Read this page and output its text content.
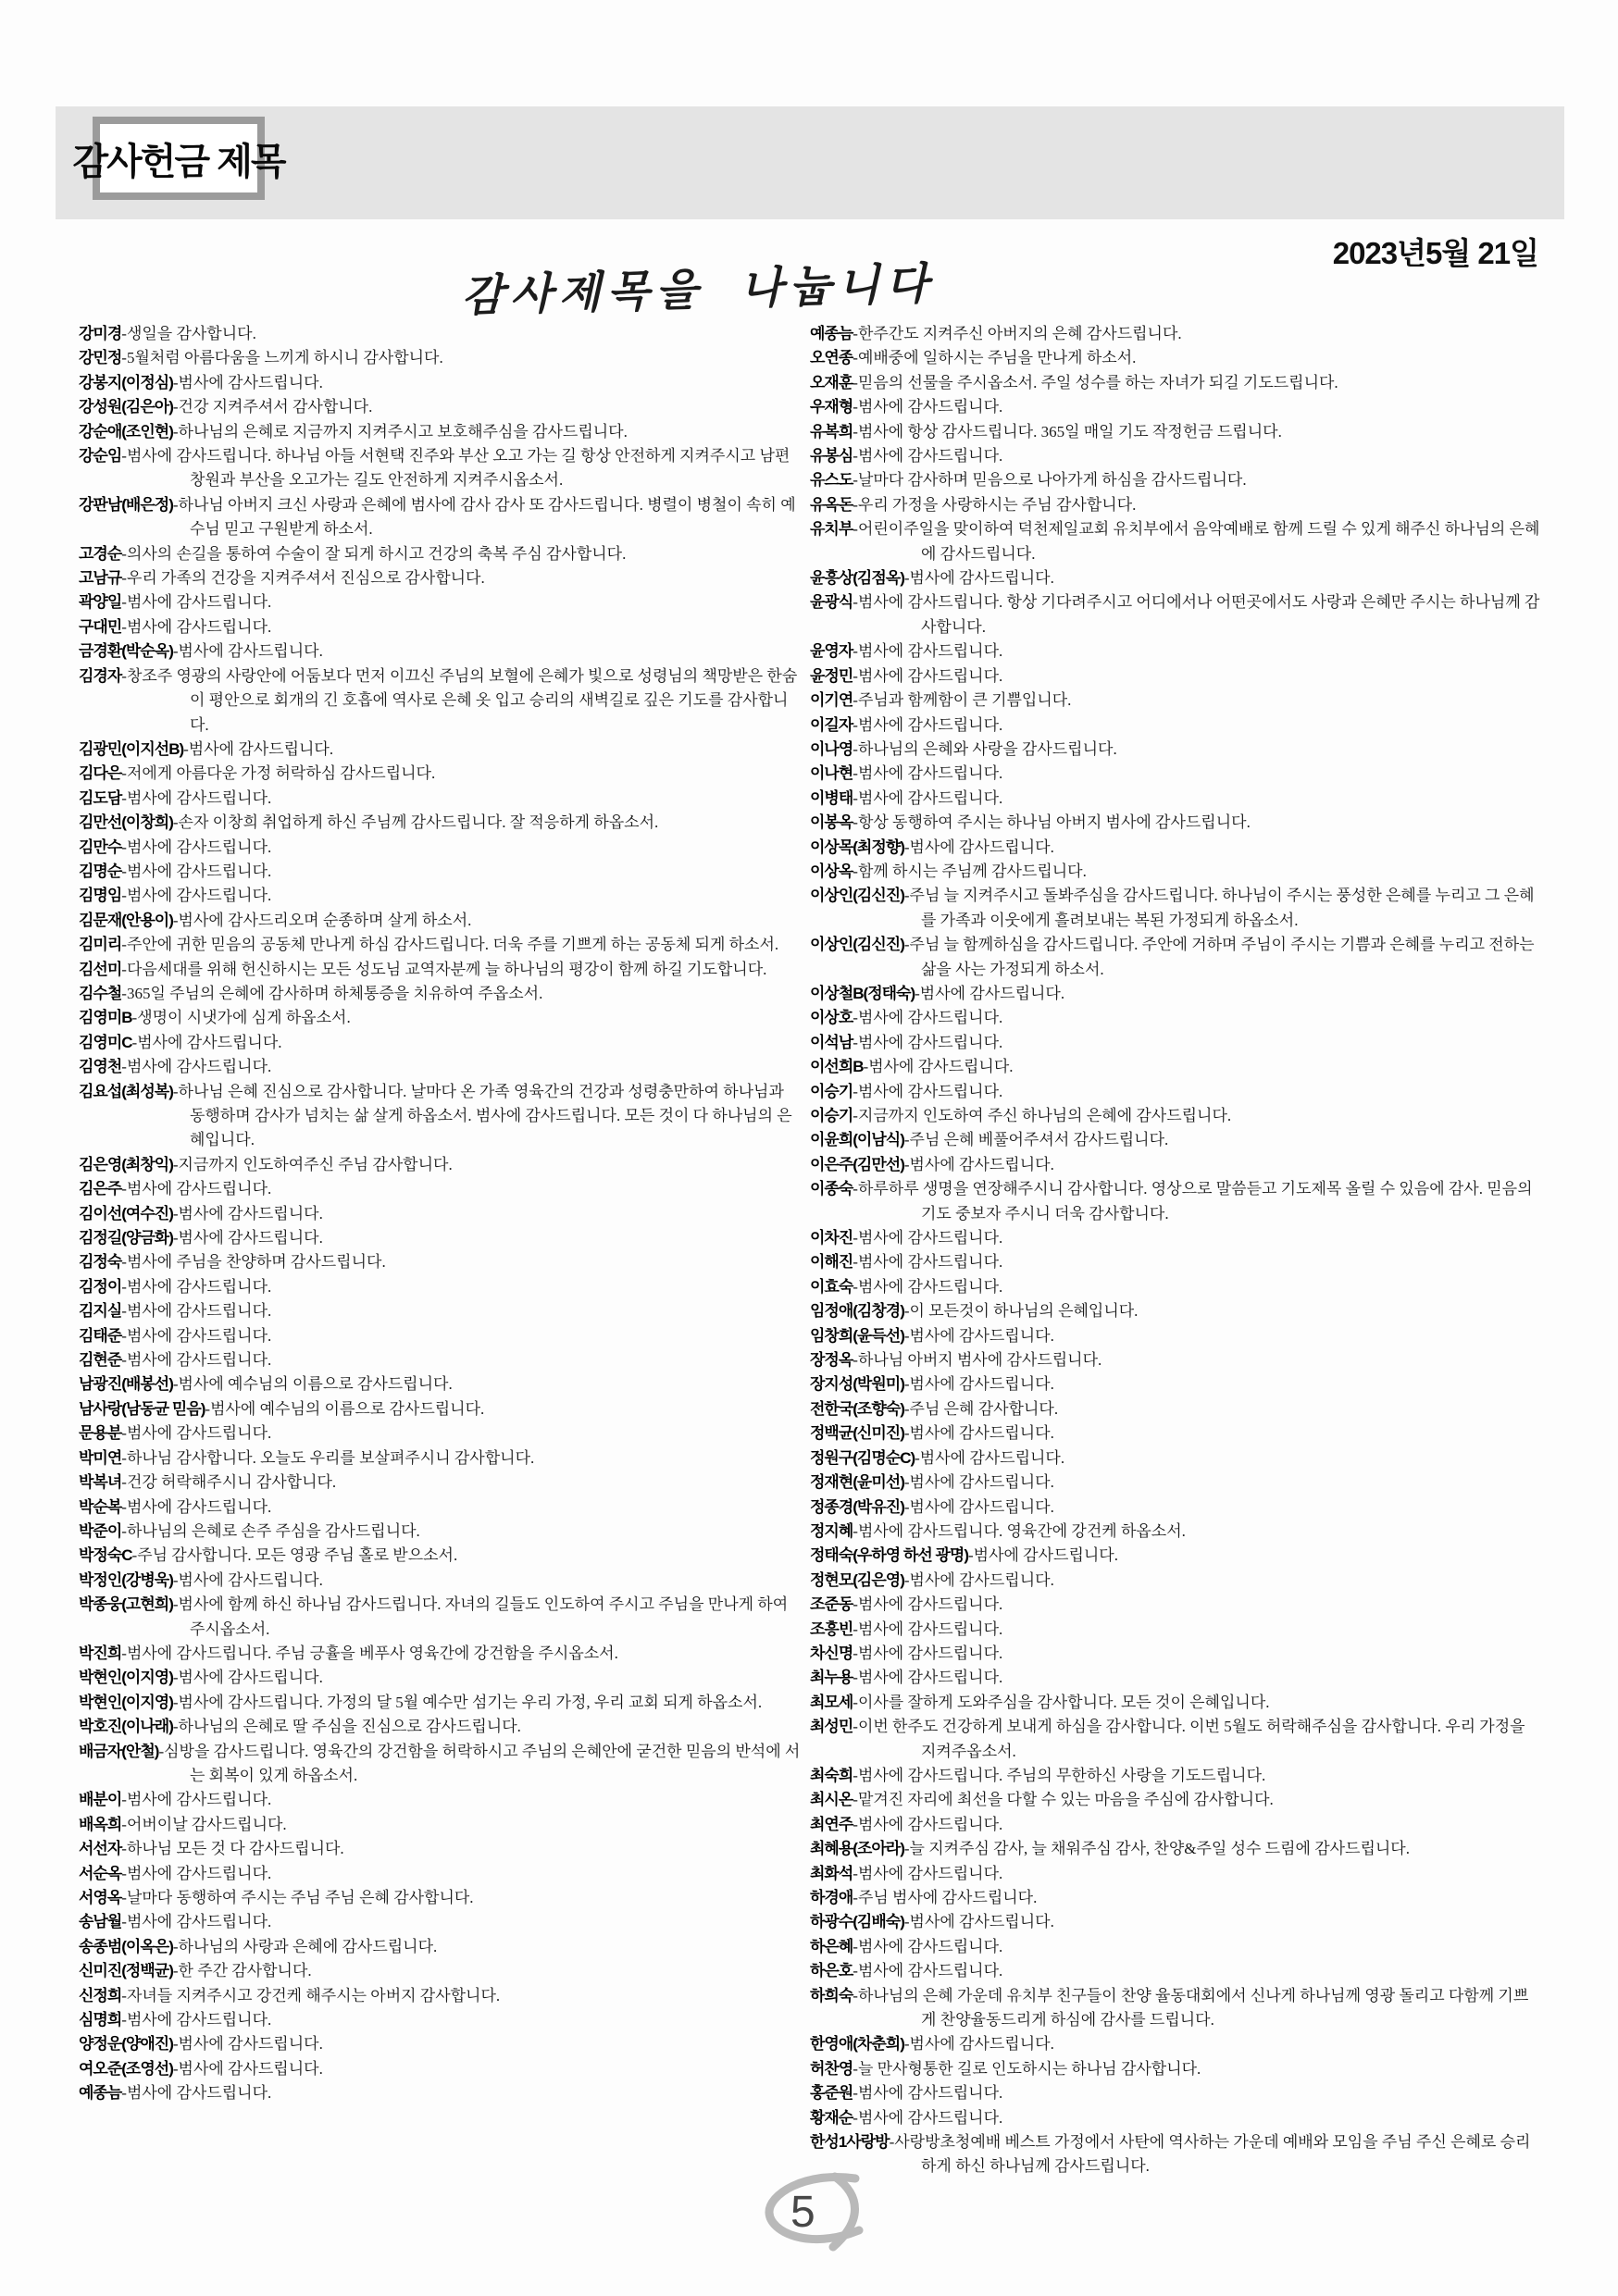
감사헌금 제목
2023년5월 21일
감사제목을 나눕니다
강미경-생일을 감사합니다.
강민정-5월처럼 아름다움을 느끼게 하시니 감사합니다.
강봉지(이정심)-범사에 감사드립니다.
강성원(김은아)-건강 지켜주셔서 감사합니다.
강순애(조인현)-하나님의 은혜로 지금까지 지켜주시고 보호해주심을 감사드립니다.
강순임-범사에 감사드립니다. 하나님 아들 서현택 진주와 부산 오고 가는 길 항상 안전하게 지켜주시고 남편 창원과 부산을 오고가는 길도 안전하게 지켜주시옵소서.
강판남(배은정)-하나님 아버지 크신 사랑과 은혜에 범사에 감사 감사 또 감사드립니다. 병렬이 병철이 속히 예수님 믿고 구원받게 하소서.
고경순-의사의 손길을 통하여 수술이 잘 되게 하시고 건강의 축복 주심 감사합니다.
고남규-우리 가족의 건강을 지켜주셔서 진심으로 감사합니다.
곽양일-범사에 감사드립니다.
구대민-범사에 감사드립니다.
금경환(박순옥)-범사에 감사드립니다.
김경자-창조주 영광의 사랑안에 어둠보다 먼저 이끄신 주님의 보혈에 은혜가 빛으로 성령님의 책망받은 한숨이 평안으로 회개의 긴 호흡에 역사로 은혜 옷 입고 승리의 새벽길로 깊은 기도를 감사합니다.
김광민(이지선B)-범사에 감사드립니다.
김다은-저에게 아름다운 가정 허락하심 감사드립니다.
김도담-범사에 감사드립니다.
김만선(이창희)-손자 이창희 취업하게 하신 주님께 감사드립니다. 잘 적응하게 하옵소서.
김만수-범사에 감사드립니다.
김명순-범사에 감사드립니다.
김명임-범사에 감사드립니다.
김문재(안용이)-범사에 감사드리오며 순종하며 살게 하소서.
김미리-주안에 귀한 믿음의 공동체 만나게 하심 감사드립니다. 더욱 주를 기쁘게 하는 공동체 되게 하소서.
김선미-다음세대를 위해 헌신하시는 모든 성도님 교역자분께 늘 하나님의 평강이 함께 하길 기도합니다.
김수철-365일 주님의 은혜에 감사하며 하체통증을 치유하여 주옵소서.
김영미B-생명이 시냇가에 심게 하옵소서.
김영미C-범사에 감사드립니다.
김영천-범사에 감사드립니다.
김요섭(최성복)-하나님 은혜 진심으로 감사합니다. 날마다 온 가족 영육간의 건강과 성령충만하여 하나님과 동행하며 감사가 넘치는 삶 살게 하옵소서. 범사에 감사드립니다. 모든 것이 다 하나님의 은혜입니다.
김은영(최창익)-지금까지 인도하여주신 주님 감사합니다.
김은주-범사에 감사드립니다.
김이선(여수진)-범사에 감사드립니다.
김정길(양금화)-범사에 감사드립니다.
김정숙-범사에 주님을 찬양하며 감사드립니다.
김정이-범사에 감사드립니다.
김지실-범사에 감사드립니다.
김태준-범사에 감사드립니다.
김현준-범사에 감사드립니다.
남광진(배봉선)-범사에 예수님의 이름으로 감사드립니다.
남사랑(남동균 믿음)-범사에 예수님의 이름으로 감사드립니다.
문용분-범사에 감사드립니다.
박미연-하나님 감사합니다. 오늘도 우리를 보살펴주시니 감사합니다.
박복녀-건강 허락해주시니 감사합니다.
박순복-범사에 감사드립니다.
박준이-하나님의 은혜로 손주 주심을 감사드립니다.
박정숙C-주님 감사합니다. 모든 영광 주님 홀로 받으소서.
박정인(강병욱)-범사에 감사드립니다.
박종웅(고현희)-범사에 함께 하신 하나님 감사드립니다. 자녀의 길들도 인도하여 주시고 주님을 만나게 하여 주시옵소서.
박진희-범사에 감사드립니다. 주님 긍휼을 베푸사 영육간에 강건함을 주시옵소서.
박현인(이지영)-범사에 감사드립니다.
박현인(이지영)-범사에 감사드립니다. 가정의 달 5월 예수만 섬기는 우리 가정, 우리 교회 되게 하옵소서.
박호진(이나래)-하나님의 은혜로 딸 주심을 진심으로 감사드립니다.
배금자(안철)-심방을 감사드립니다. 영육간의 강건함을 허락하시고 주님의 은혜안에 굳건한 믿음의 반석에 서는 회복이 있게 하옵소서.
배분이-범사에 감사드립니다.
배옥희-어버이날 감사드립니다.
서선자-하나님 모든 것 다 감사드립니다.
서순옥-범사에 감사드립니다.
서영옥-날마다 동행하여 주시는 주님 주님 은혜 감사합니다.
송남월-범사에 감사드립니다.
송종범(이옥은)-하나님의 사랑과 은혜에 감사드립니다.
신미진(정백균)-한 주간 감사합니다.
신정희-자녀들 지켜주시고 강건케 해주시는 아버지 감사합니다.
심명희-범사에 감사드립니다.
양정운(양애진)-범사에 감사드립니다.
여오준(조영선)-범사에 감사드립니다.
예종늠-범사에 감사드립니다.
예종늠-한주간도 지켜주신 아버지의 은혜 감사드립니다.
오연종-예배중에 일하시는 주님을 만나게 하소서.
오재훈-믿음의 선물을 주시옵소서. 주일 성수를 하는 자녀가 되길 기도드립니다.
우재형-범사에 감사드립니다.
유복희-범사에 항상 감사드립니다. 365일 매일 기도 작정헌금 드립니다.
유봉심-범사에 감사드립니다.
유스도-날마다 감사하며 믿음으로 나아가게 하심을 감사드립니다.
유옥돈-우리 가정을 사랑하시는 주님 감사합니다.
유치부-어린이주일을 맞이하여 덕천제일교회 유치부에서 음악예배로 함께 드릴 수 있게 해주신 하나님의 은혜에 감사드립니다.
윤흥상(김점옥)-범사에 감사드립니다.
윤광식-범사에 감사드립니다. 항상 기다려주시고 어디에서나 어떤곳에서도 사랑과 은혜만 주시는 하나님께 감사합니다.
윤영자-범사에 감사드립니다.
윤정민-범사에 감사드립니다.
이기연-주님과 함께함이 큰 기쁨입니다.
이길자-범사에 감사드립니다.
이나영-하나님의 은혜와 사랑을 감사드립니다.
이나현-범사에 감사드립니다.
이병태-범사에 감사드립니다.
이봉옥-항상 동행하여 주시는 하나님 아버지 범사에 감사드립니다.
이상목(최정향)-범사에 감사드립니다.
이상옥-함께 하시는 주님께 감사드립니다.
이상인(김신진)-주님 늘 지켜주시고 돌봐주심을 감사드립니다. 하나님이 주시는 풍성한 은혜를 누리고 그 은혜를 가족과 이웃에게 흘려보내는 복된 가정되게 하옵소서.
이상인(김신진)-주님 늘 함께하심을 감사드립니다. 주안에 거하며 주님이 주시는 기쁨과 은혜를 누리고 전하는 삶을 사는 가정되게 하소서.
이상철B(정태숙)-범사에 감사드립니다.
이상호-범사에 감사드립니다.
이석남-범사에 감사드립니다.
이선희B-범사에 감사드립니다.
이승기-범사에 감사드립니다.
이승기-지금까지 인도하여 주신 하나님의 은혜에 감사드립니다.
이윤희(이남식)-주님 은혜 베풀어주셔서 감사드립니다.
이은주(김만선)-범사에 감사드립니다.
이종숙-하루하루 생명을 연장해주시니 감사합니다. 영상으로 말씀듣고 기도제목 올릴 수 있음에 감사. 믿음의 기도 중보자 주시니 더욱 감사합니다.
이차진-범사에 감사드립니다.
이해진-범사에 감사드립니다.
이효숙-범사에 감사드립니다.
임정애(김창경)-이 모든것이 하나님의 은혜입니다.
임창희(윤득선)-범사에 감사드립니다.
장정옥-하나님 아버지 범사에 감사드립니다.
장지성(박원미)-범사에 감사드립니다.
전한국(조향숙)-주님 은혜 감사합니다.
정백균(신미진)-범사에 감사드립니다.
정원구(김명순C)-범사에 감사드립니다.
정재현(윤미선)-범사에 감사드립니다.
정종경(박유진)-범사에 감사드립니다.
정지혜-범사에 감사드립니다. 영육간에 강건케 하옵소서.
정태숙(우하영 하선 광명)-범사에 감사드립니다.
정현모(김은영)-범사에 감사드립니다.
조준동-범사에 감사드립니다.
조흥빈-범사에 감사드립니다.
차신명-범사에 감사드립니다.
최누용-범사에 감사드립니다.
최모세-이사를 잘하게 도와주심을 감사합니다. 모든 것이 은혜입니다.
최성민-이번 한주도 건강하게 보내게 하심을 감사합니다. 이번 5월도 허락해주심을 감사합니다. 우리 가정을 지켜주옵소서.
최숙희-범사에 감사드립니다. 주님의 무한하신 사랑을 기도드립니다.
최시온-맡겨진 자리에 최선을 다할 수 있는 마음을 주심에 감사합니다.
최연주-범사에 감사드립니다.
최혜용(조아라)-늘 지켜주심 감사, 늘 채워주심 감사, 찬양&주일 성수 드림에 감사드립니다.
최화석-범사에 감사드립니다.
하경애-주님 범사에 감사드립니다.
하광수(김배숙)-범사에 감사드립니다.
하은혜-범사에 감사드립니다.
하은호-범사에 감사드립니다.
하희숙-하나님의 은혜 가운데 유치부 친구들이 찬양 율동대회에서 신나게 하나님께 영광 돌리고 다함께 기쁘게 찬양율동드리게 하심에 감사를 드립니다.
한영애(차춘희)-범사에 감사드립니다.
허찬영-늘 만사형통한 길로 인도하시는 하나님 감사합니다.
홍준원-범사에 감사드립니다.
황재순-범사에 감사드립니다.
한성1사랑방-사랑방초청예배 베스트 가정에서 사탄에 역사하는 가운데 예배와 모임을 주님 주신 은혜로 승리하게 하신 하나님께 감사드립니다.
5
